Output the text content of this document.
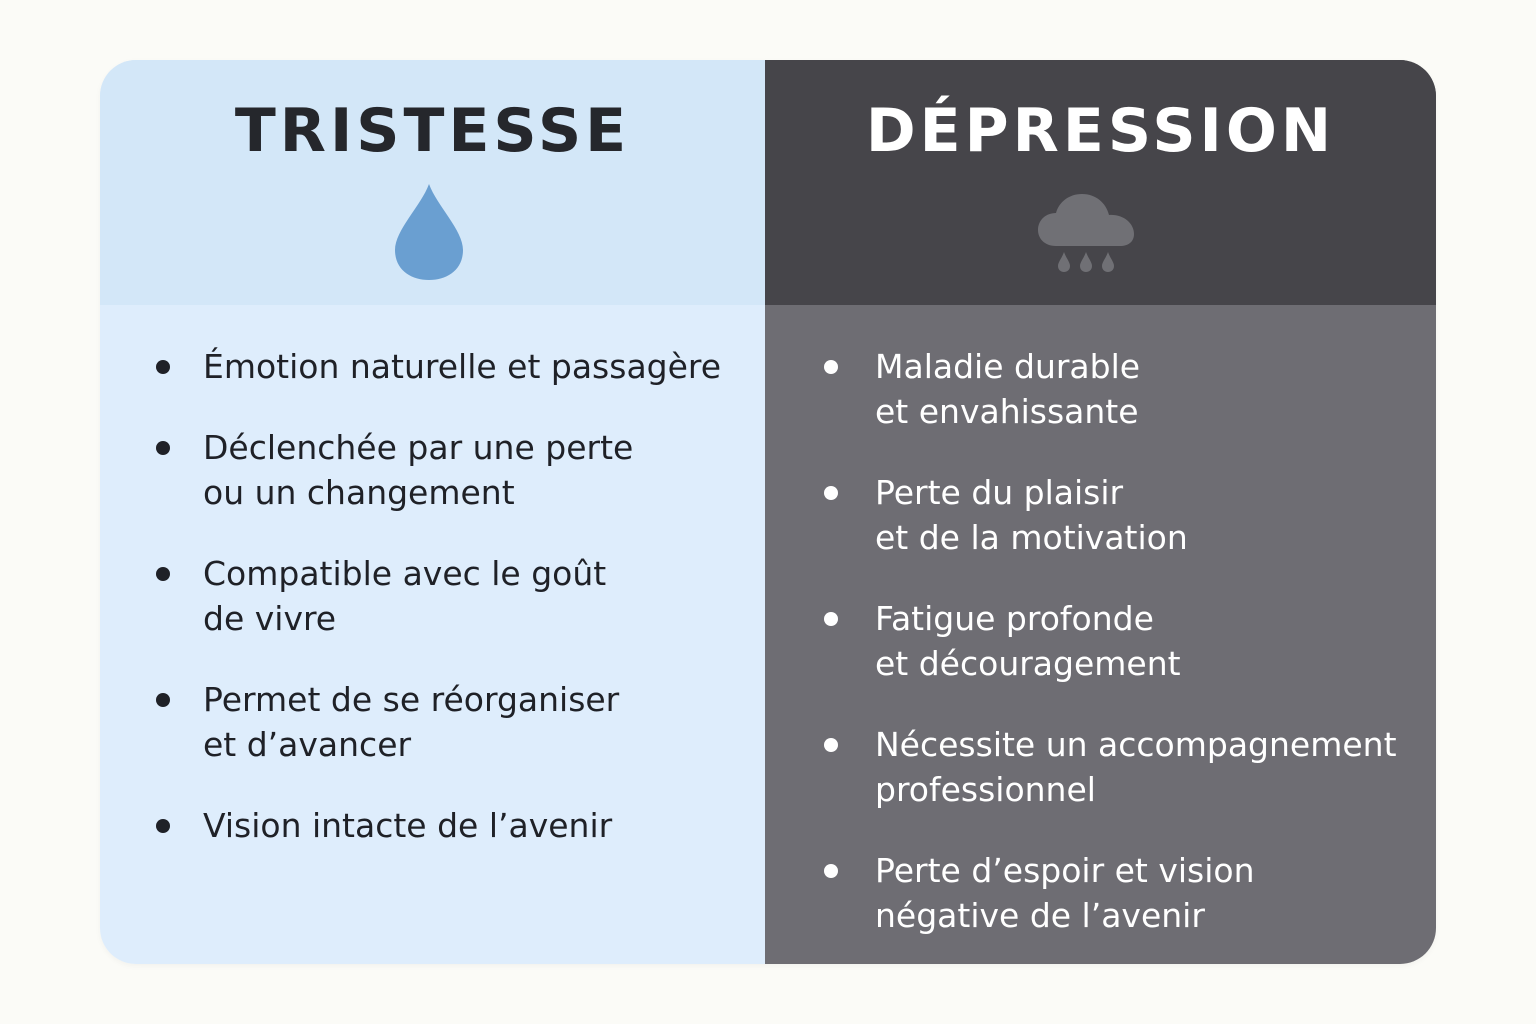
TRISTESSE
Émotion naturelle et passagère
Déclenchée par une perte
ou un changement
Compatible avec le goût
de vivre
Permet de se réorganiser
et d’avancer
Vision intacte de l’avenir
DÉPRESSION
Maladie durable
et envahissante
Perte du plaisir
et de la motivation
Fatigue profonde
et découragement
Nécessite un accompagnement
professionnel
Perte d’espoir et vision
négative de l’avenir
